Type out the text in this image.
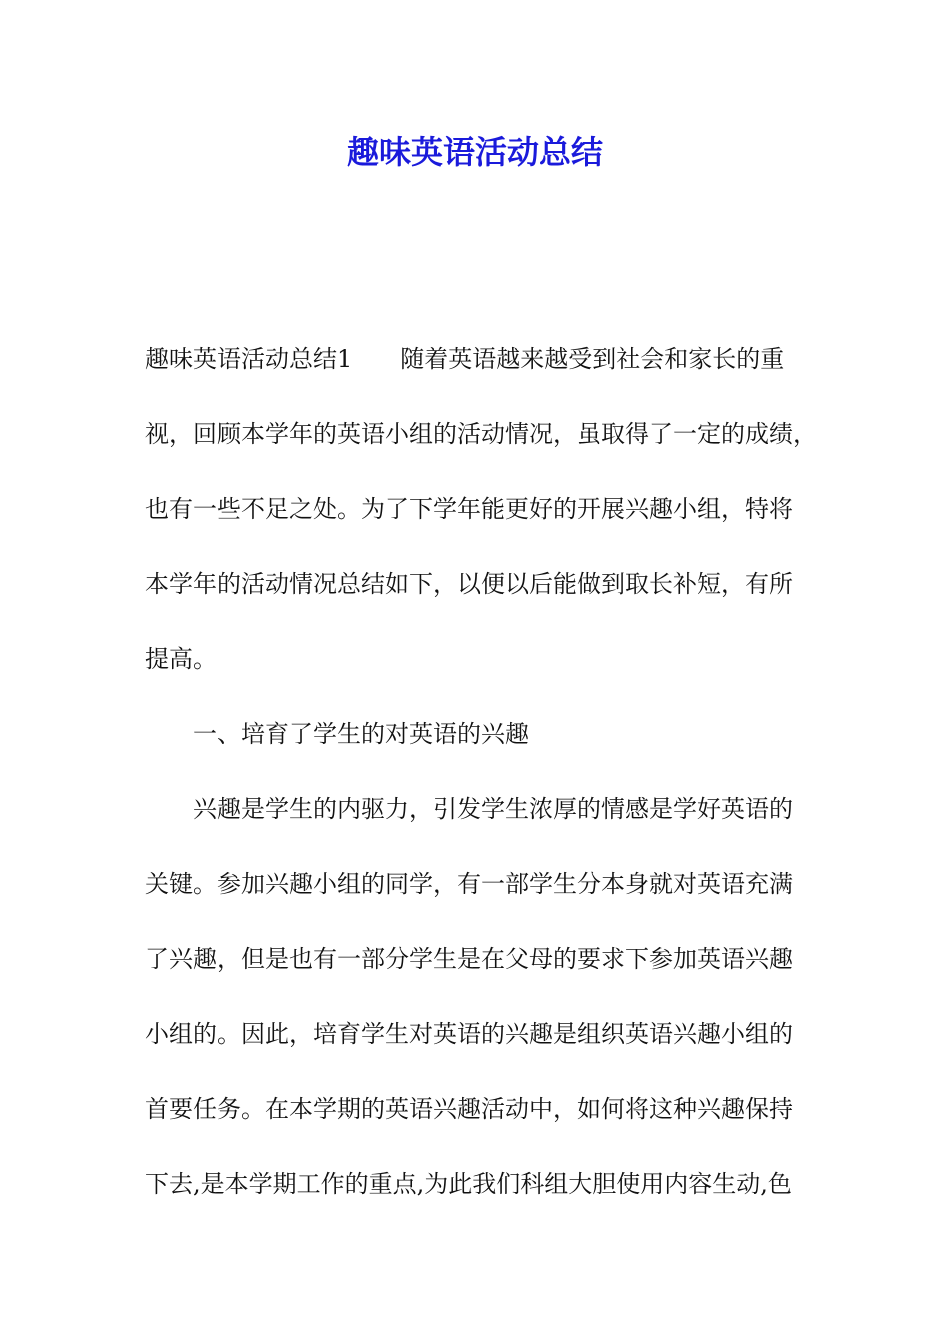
趣味英语活动总结
趣味英语活动总结1　　随着英语越来越受到社会和家长的重
视，回顾本学年的英语小组的活动情况，虽取得了一定的成绩，
也有一些不足之处。为了下学年能更好的开展兴趣小组，特将
本学年的活动情况总结如下，以便以后能做到取长补短，有所
提高。
一、培育了学生的对英语的兴趣
兴趣是学生的内驱力，引发学生浓厚的情感是学好英语的
关键。参加兴趣小组的同学，有一部学生分本身就对英语充满
了兴趣，但是也有一部分学生是在父母的要求下参加英语兴趣
小组的。因此，培育学生对英语的兴趣是组织英语兴趣小组的
首要任务。在本学期的英语兴趣活动中，如何将这种兴趣保持
下去,是本学期工作的重点,为此我们科组大胆使用内容生动,色
